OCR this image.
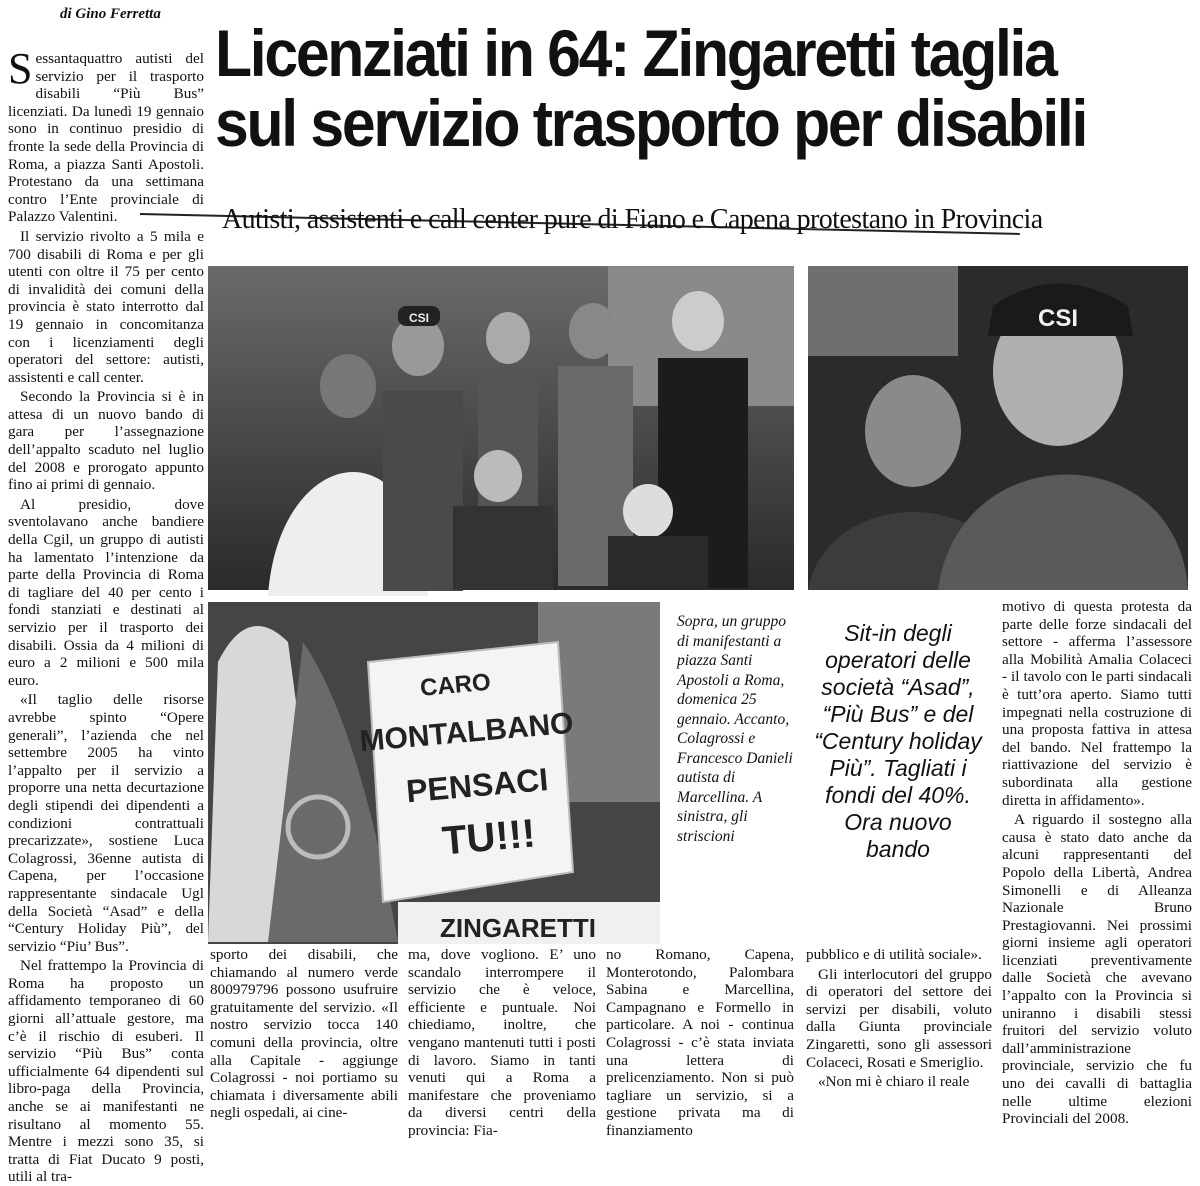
di Gino Ferretta
Licenziati in 64: Zingaretti taglia sul servizio trasporto per disabili
Autisti, assistenti e call center pure di Fiano e Capena protestano in Provincia

Sessantaquattro autisti del servizio per il trasporto disabili “Più Bus” licenziati. Da lunedì 19 gennaio sono in continuo presidio di fronte la sede della Provincia di Roma, a piazza Santi Apostoli. Protestano da una settimana contro l’Ente provinciale di Palazzo Valentini.

Il servizio rivolto a 5 mila e 700 disabili di Roma e per gli utenti con oltre il 75 per cento di invalidità dei comuni della provincia è stato interrotto dal 19 gennaio in concomitanza con i licenziamenti degli operatori del settore: autisti, assistenti e call center.

Secondo la Provincia si è in attesa di un nuovo bando di gara per l’assegnazione dell’appalto scaduto nel luglio del 2008 e prorogato appunto fino ai primi di gennaio.

Al presidio, dove sventolavano anche bandiere della Cgil, un gruppo di autisti ha lamentato l’intenzione da parte della Provincia di Roma di tagliare del 40 per cento i fondi stanziati e destinati al servizio per il trasporto dei disabili. Ossia da 4 milioni di euro a 2 milioni e 500 mila euro.

«Il taglio delle risorse avrebbe spinto “Opere generali”, l’azienda che nel settembre 2005 ha vinto l’appalto per il servizio a proporre una netta decurtazione degli stipendi dei dipendenti a condizioni contrattuali precarizzate», sostiene Luca Colagrossi, 36enne autista di Capena, per l’occasione rappresentante sindacale Ugl della Società “Asad” e della “Century Holiday Più”, del servizio “Piu’ Bus”.

Nel frattempo la Provincia di Roma ha proposto un affidamento temporaneo di 60 giorni all’attuale gestore, ma c’è il rischio di esuberi. Il servizio “Più Bus” conta ufficialmente 64 dipendenti sul libro-paga della Provincia, anche se ai manifestanti ne risultano al momento 55. Mentre i mezzi sono 35, si tratta di Fiat Ducato 9 posti, utili al tra-

CSI	CSI
CARO
MONTALBANO
PENSACI
TU!!!
ZINGARETTI
Sopra, un gruppo di manifestanti a piazza Santi Apostoli a Roma, domenica 25 gennaio. Accanto, Colagrossi e Francesco Danieli autista di Marcellina. A sinistra, gli striscioni
Sit-in degli operatori delle società “Asad”, “Più Bus” e del “Century holiday Più”. Tagliati i fondi del 40%. Ora nuovo bando

motivo di questa protesta da parte delle forze sindacali del settore - afferma l’assessore alla Mobilità Amalia Colaceci - il tavolo con le parti sindacali è tutt’ora aperto. Siamo tutti impegnati nella costruzione di una proposta fattiva in attesa del bando. Nel frattempo la riattivazione del servizio è subordinata alla gestione diretta in affidamento».

A riguardo il sostegno alla causa è stato dato anche da alcuni rappresentanti del Popolo della Libertà, Andrea Simonelli e di Alleanza Nazionale Bruno Prestagiovanni. Nei prossimi giorni insieme agli operatori licenziati preventivamente dalle Società che avevano l’appalto con la Provincia si uniranno i disabili stessi fruitori del servizio voluto dall’amministrazione provinciale, servizio che fu uno dei cavalli di battaglia nelle ultime elezioni Provinciali del 2008.

sporto dei disabili, che chiamando al numero verde 800979796 possono usufruire gratuitamente del servizio. «Il nostro servizio tocca 140 comuni della provincia, oltre alla Capitale - aggiunge Colagrossi - noi portiamo su chiamata i diversamente abili negli ospedali, ai cine-

ma, dove vogliono. E’ uno scandalo interrompere il servizio che è veloce, efficiente e puntuale. Noi chiediamo, inoltre, che vengano mantenuti tutti i posti di lavoro. Siamo in tanti venuti qui a Roma a manifestare che proveniamo da diversi centri della provincia: Fia-

no Romano, Capena, Monterotondo, Palombara Sabina e Marcellina, Campagnano e Formello in particolare. A noi - continua Colagrossi - c’è stata inviata una lettera di prelicenziamento. Non si può tagliare un servizio, si a gestione privata ma di finanziamento

pubblico e di utilità sociale».

Gli interlocutori del gruppo di operatori del settore dei servizi per disabili, voluto dalla Giunta provinciale Zingaretti, sono gli assessori Colaceci, Rosati e Smeriglio.

«Non mi è chiaro il reale
